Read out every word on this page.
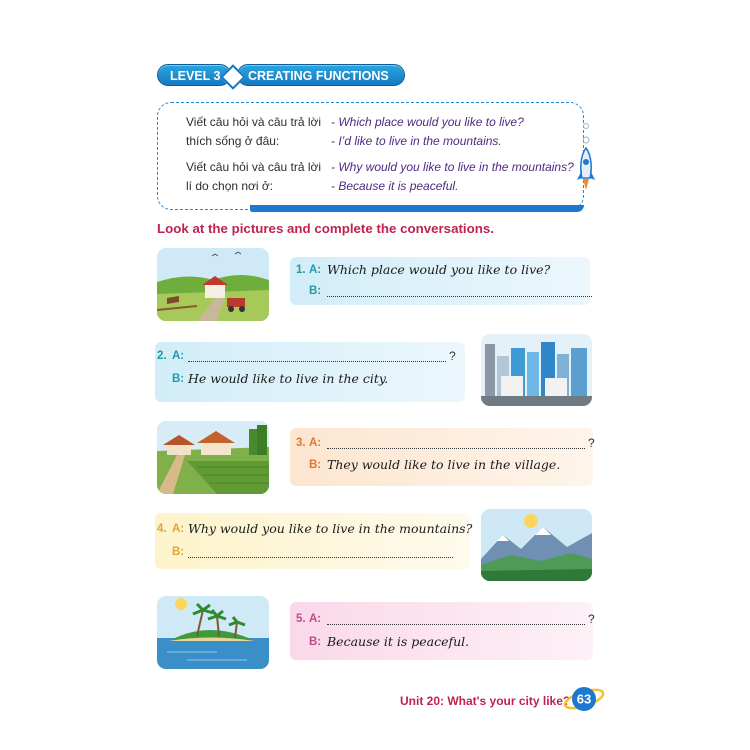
LEVEL 3	CREATING FUNCTIONS
Viết câu hỏi và câu trả lời
thích sống ở đâu:
- Which place would you like to live?
- I’d like to live in the mountains.
Viết câu hỏi và câu trả lời
lí do chọn nơi ở:
- Why would you like to live in the mountains?
- Because it is peaceful.
Look at the pictures and complete the conversations.
1. A: Which place would you like to live?
B:
2. A:	?
B: He would like to live in the city.
3. A:	?
B: They would like to live in the village.
4. A: Why would you like to live in the mountains?
B:
5. A:	?
B: Because it is peaceful.
Unit 20: What's your city like? 63
